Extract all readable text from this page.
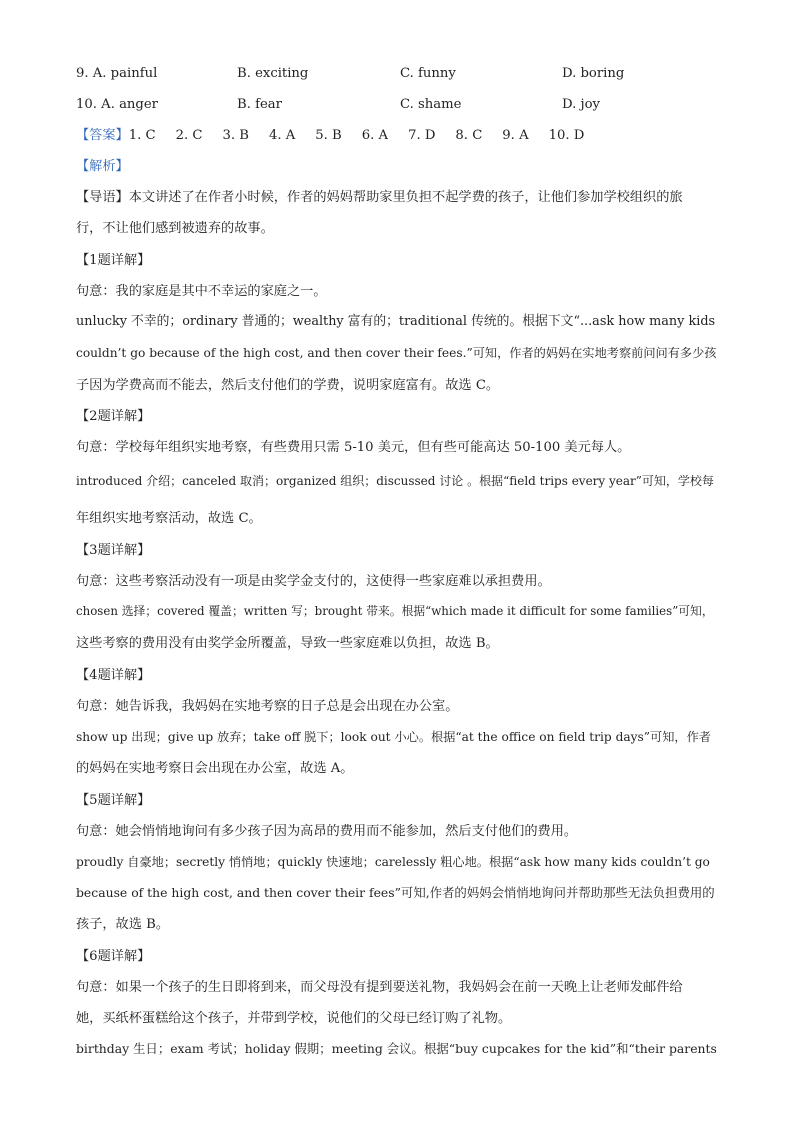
9. A. painful	B. exciting	C. funny	D. boring
10. A. anger	B. fear	C. shame	D. joy
【答案】1. C 2. C 3. B 4. A 5. B 6. A 7. D 8. C 9. A 10. D
【解析】
【导语】本文讲述了在作者小时候，作者的妈妈帮助家里负担不起学费的孩子，让他们参加学校组织的旅
行，不让他们感到被遗弃的故事。
【1题详解】
句意：我的家庭是其中不幸运的家庭之一。
unlucky 不幸的；ordinary 普通的；wealthy 富有的；traditional 传统的。根据下文“...ask how many kids
couldn’t go because of the high cost, and then cover their fees.”可知，作者的妈妈在实地考察前问问有多少孩
子因为学费高而不能去，然后支付他们的学费，说明家庭富有。故选 C。
【2题详解】
句意：学校每年组织实地考察，有些费用只需 5-10 美元，但有些可能高达 50-100 美元每人。
introduced 介绍；canceled 取消；organized 组织；discussed 讨论 。根据“field trips every year”可知，学校每
年组织实地考察活动，故选 C。
【3题详解】
句意：这些考察活动没有一项是由奖学金支付的，这使得一些家庭难以承担费用。
chosen 选择；covered 覆盖；written 写；brought 带来。根据“which made it difficult for some families”可知，
这些考察的费用没有由奖学金所覆盖，导致一些家庭难以负担，故选 B。
【4题详解】
句意：她告诉我，我妈妈在实地考察的日子总是会出现在办公室。
show up 出现；give up 放弃；take off 脱下；look out 小心。根据“at the office on field trip days”可知，作者
的妈妈在实地考察日会出现在办公室，故选 A。
【5题详解】
句意：她会悄悄地询问有多少孩子因为高昂的费用而不能参加，然后支付他们的费用。
proudly 自豪地；secretly 悄悄地；quickly 快速地；carelessly 粗心地。根据“ask how many kids couldn’t go
because of the high cost, and then cover their fees”可知,作者的妈妈会悄悄地询问并帮助那些无法负担费用的
孩子，故选 B。
【6题详解】
句意：如果一个孩子的生日即将到来，而父母没有提到要送礼物，我妈妈会在前一天晚上让老师发邮件给
她，买纸杯蛋糕给这个孩子，并带到学校，说他们的父母已经订购了礼物。
birthday 生日；exam 考试；holiday 假期；meeting 会议。根据“buy cupcakes for the kid”和“their parents
